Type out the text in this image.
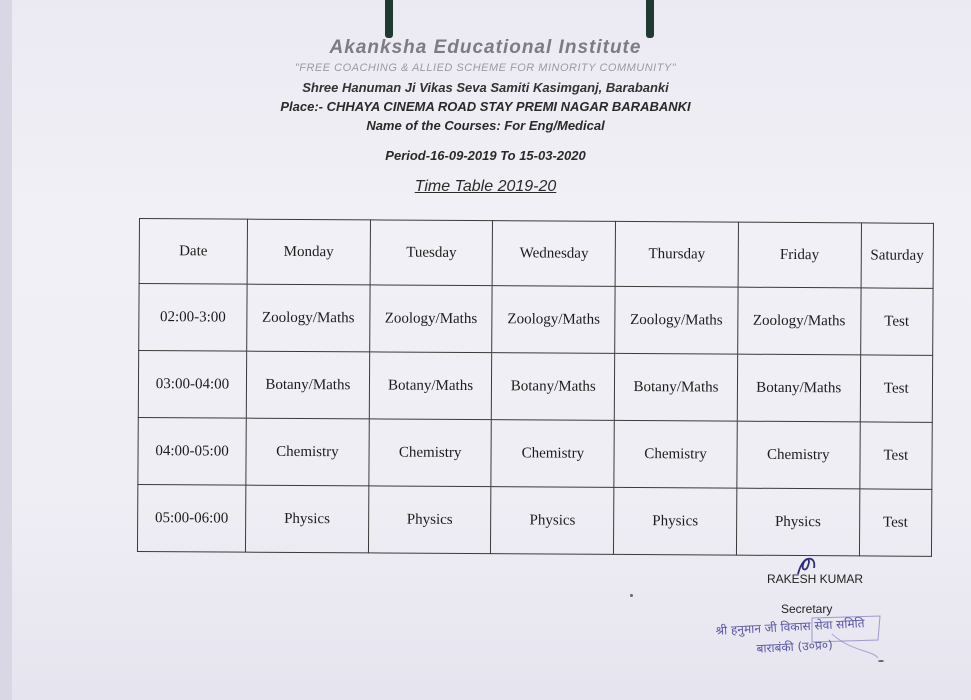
Akanksha Educational Institute
"FREE COACHING & ALLIED SCHEME FOR MINORITY COMMUNITY"
Shree Hanuman Ji Vikas Seva Samiti Kasimganj, Barabanki
Place:- CHHAYA CINEMA ROAD STAY PREMI NAGAR BARABANKI
Name of the Courses: For Eng/Medical
Period-16-09-2019 To 15-03-2020
Time Table 2019-20
Date	Monday	Tuesday	Wednesday	Thursday	Friday	Saturday
02:00-3:00	Zoology/Maths	Zoology/Maths	Zoology/Maths	Zoology/Maths	Zoology/Maths	Test
03:00-04:00	Botany/Maths	Botany/Maths	Botany/Maths	Botany/Maths	Botany/Maths	Test
04:00-05:00	Chemistry	Chemistry	Chemistry	Chemistry	Chemistry	Test
05:00-06:00	Physics	Physics	Physics	Physics	Physics	Test
RAKESH KUMAR
Secretary
श्री हनुमान जी विकास सेवा समिति
बाराबंकी (उ०प्र०)
